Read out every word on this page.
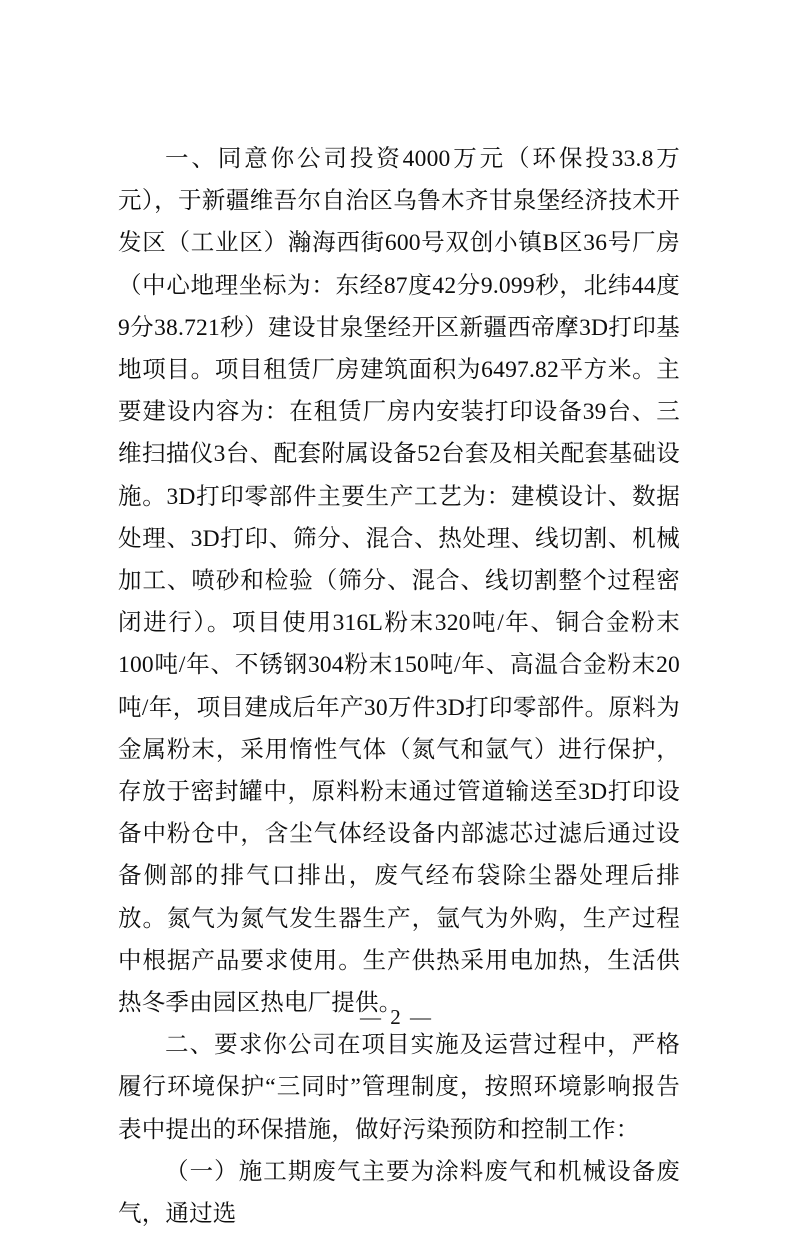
一、同意你公司投资4000万元（环保投33.8万元），于新疆维吾尔自治区乌鲁木齐甘泉堡经济技术开发区（工业区）瀚海西街600号双创小镇B区36号厂房（中心地理坐标为：东经87度42分9.099秒，北纬44度9分38.721秒）建设甘泉堡经开区新疆西帝摩3D打印基地项目。项目租赁厂房建筑面积为6497.82平方米。主要建设内容为：在租赁厂房内安装打印设备39台、三维扫描仪3台、配套附属设备52台套及相关配套基础设施。3D打印零部件主要生产工艺为：建模设计、数据处理、3D打印、筛分、混合、热处理、线切割、机械加工、喷砂和检验（筛分、混合、线切割整个过程密闭进行）。项目使用316L粉末320吨/年、铜合金粉末100吨/年、不锈钢304粉末150吨/年、高温合金粉末20吨/年，项目建成后年产30万件3D打印零部件。原料为金属粉末，采用惰性气体（氮气和氩气）进行保护，存放于密封罐中，原料粉末通过管道输送至3D打印设备中粉仓中，含尘气体经设备内部滤芯过滤后通过设备侧部的排气口排出，废气经布袋除尘器处理后排放。氮气为氮气发生器生产，氩气为外购，生产过程中根据产品要求使用。生产供热采用电加热，生活供热冬季由园区热电厂提供。

二、要求你公司在项目实施及运营过程中，严格履行环境保护“三同时”管理制度，按照环境影响报告表中提出的环保措施，做好污染预防和控制工作：

（一）施工期废气主要为涂料废气和机械设备废气，通过选

— 2 —
